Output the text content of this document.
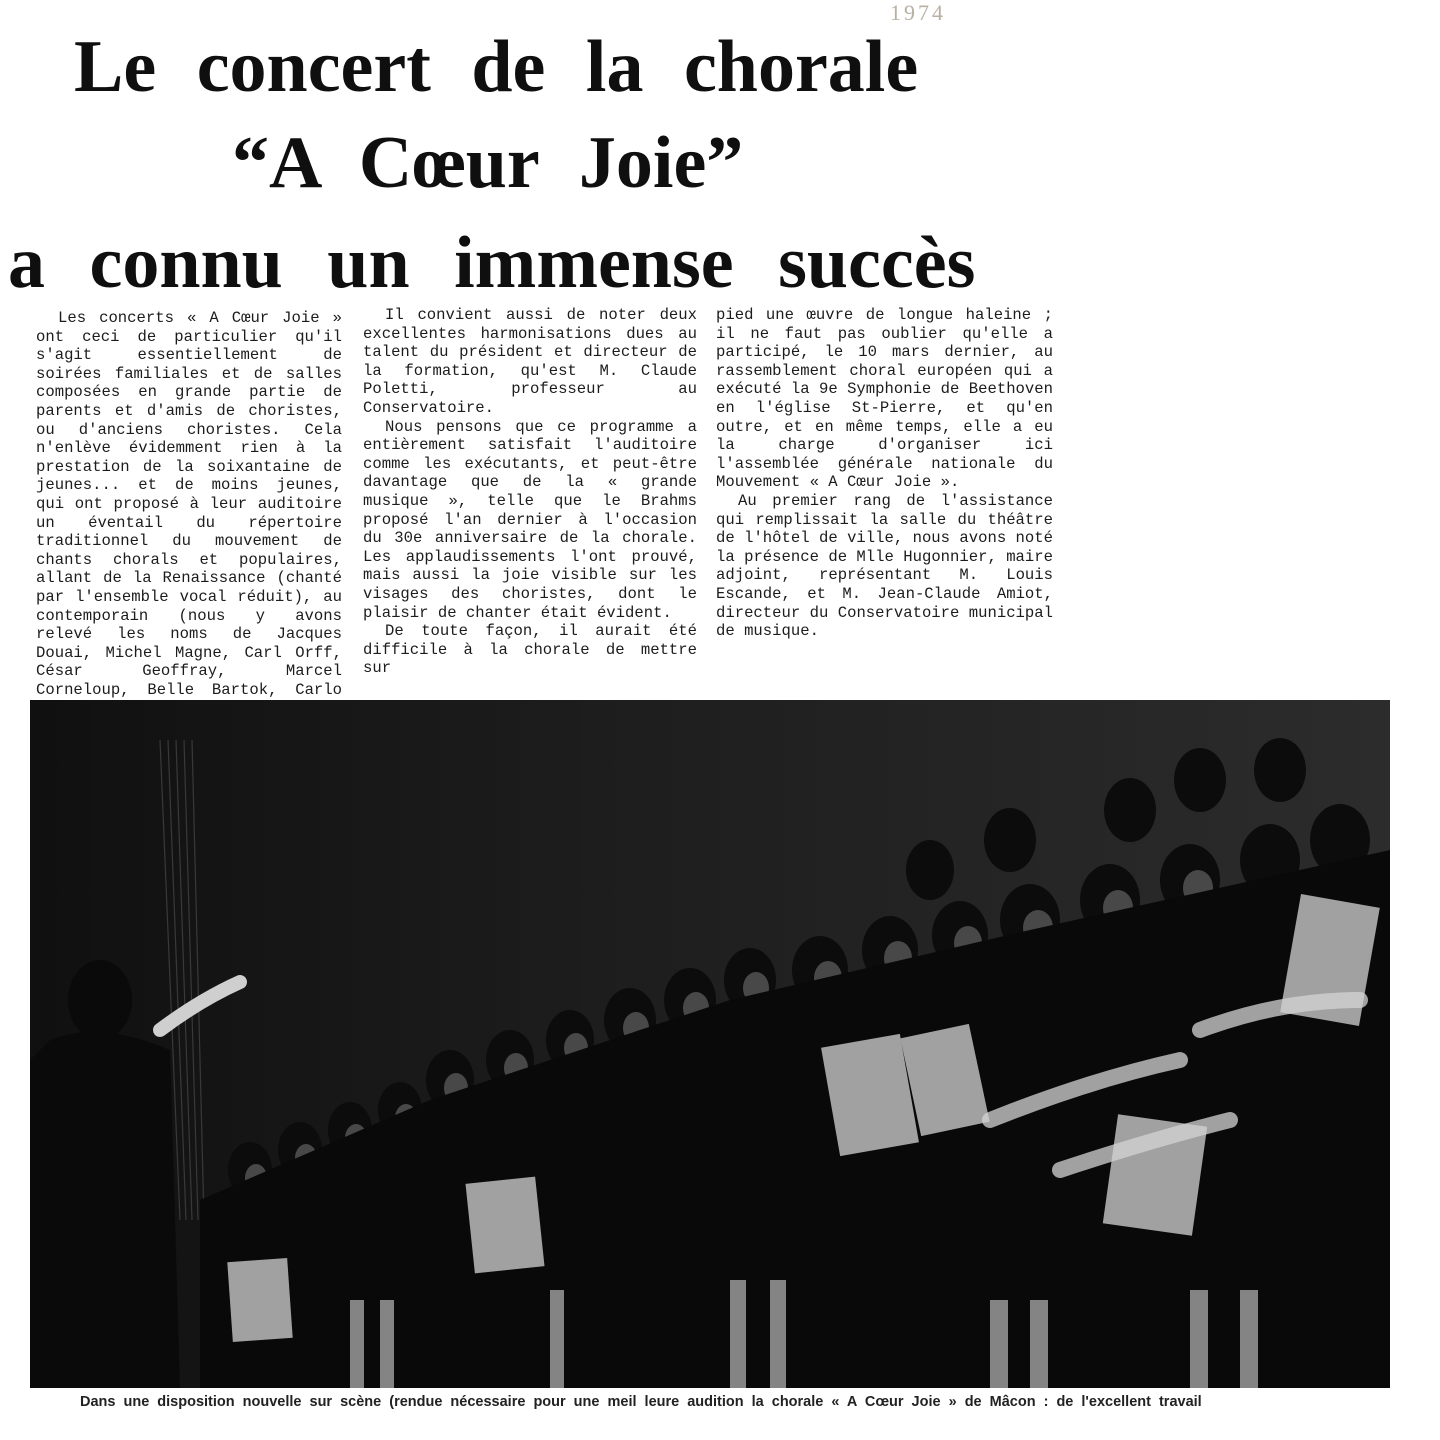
1974
Le concert de la chorale
“A Cœur Joie”
a connu un immense succès

Les concerts « A Cœur Joie » ont ceci de particulier qu'il s'agit essentiellement de soirées familiales et de salles composées en grande partie de parents et d'amis de choristes, ou d'anciens choristes. Cela n'enlève évidemment rien à la prestation de la soixantaine de jeunes... et de moins jeunes, qui ont proposé à leur auditoire un éventail du répertoire traditionnel du mouvement de chants chorals et populaires, allant de la Renaissance (chanté par l'ensemble vocal réduit), au contemporain (nous y avons relevé les noms de Jacques Douai, Michel Magne, Carl Orff, César Geoffray, Marcel Corneloup, Belle Bartok, Carlo

Il convient aussi de noter deux excellentes harmonisations dues au talent du président et directeur de la formation, qu'est M. Claude Poletti, professeur au Conservatoire.

Nous pensons que ce programme a entièrement satisfait l'auditoire comme les exécutants, et peut-être davantage que de la « grande musique », telle que le Brahms proposé l'an dernier à l'occasion du 30e anniversaire de la chorale. Les applaudissements l'ont prouvé, mais aussi la joie visible sur les visages des choristes, dont le plaisir de chanter était évident.

De toute façon, il aurait été difficile à la chorale de mettre sur

pied une œuvre de longue haleine ; il ne faut pas oublier qu'elle a participé, le 10 mars dernier, au rassemblement choral européen qui a exécuté la 9e Symphonie de Beethoven en l'église St-Pierre, et qu'en outre, et en même temps, elle a eu la charge d'organiser ici l'assemblée générale nationale du Mouvement « A Cœur Joie ».

Au premier rang de l'assistance qui remplissait la salle du théâtre de l'hôtel de ville, nous avons noté la présence de Mlle Hugonnier, maire adjoint, représentant M. Louis Escande, et M. Jean-Claude Amiot, directeur du Conservatoire municipal de musique.

Dans une disposition nouvelle sur scène (rendue nécessaire pour une meil leure audition la chorale « A Cœur Joie » de Mâcon : de l'excellent travail
